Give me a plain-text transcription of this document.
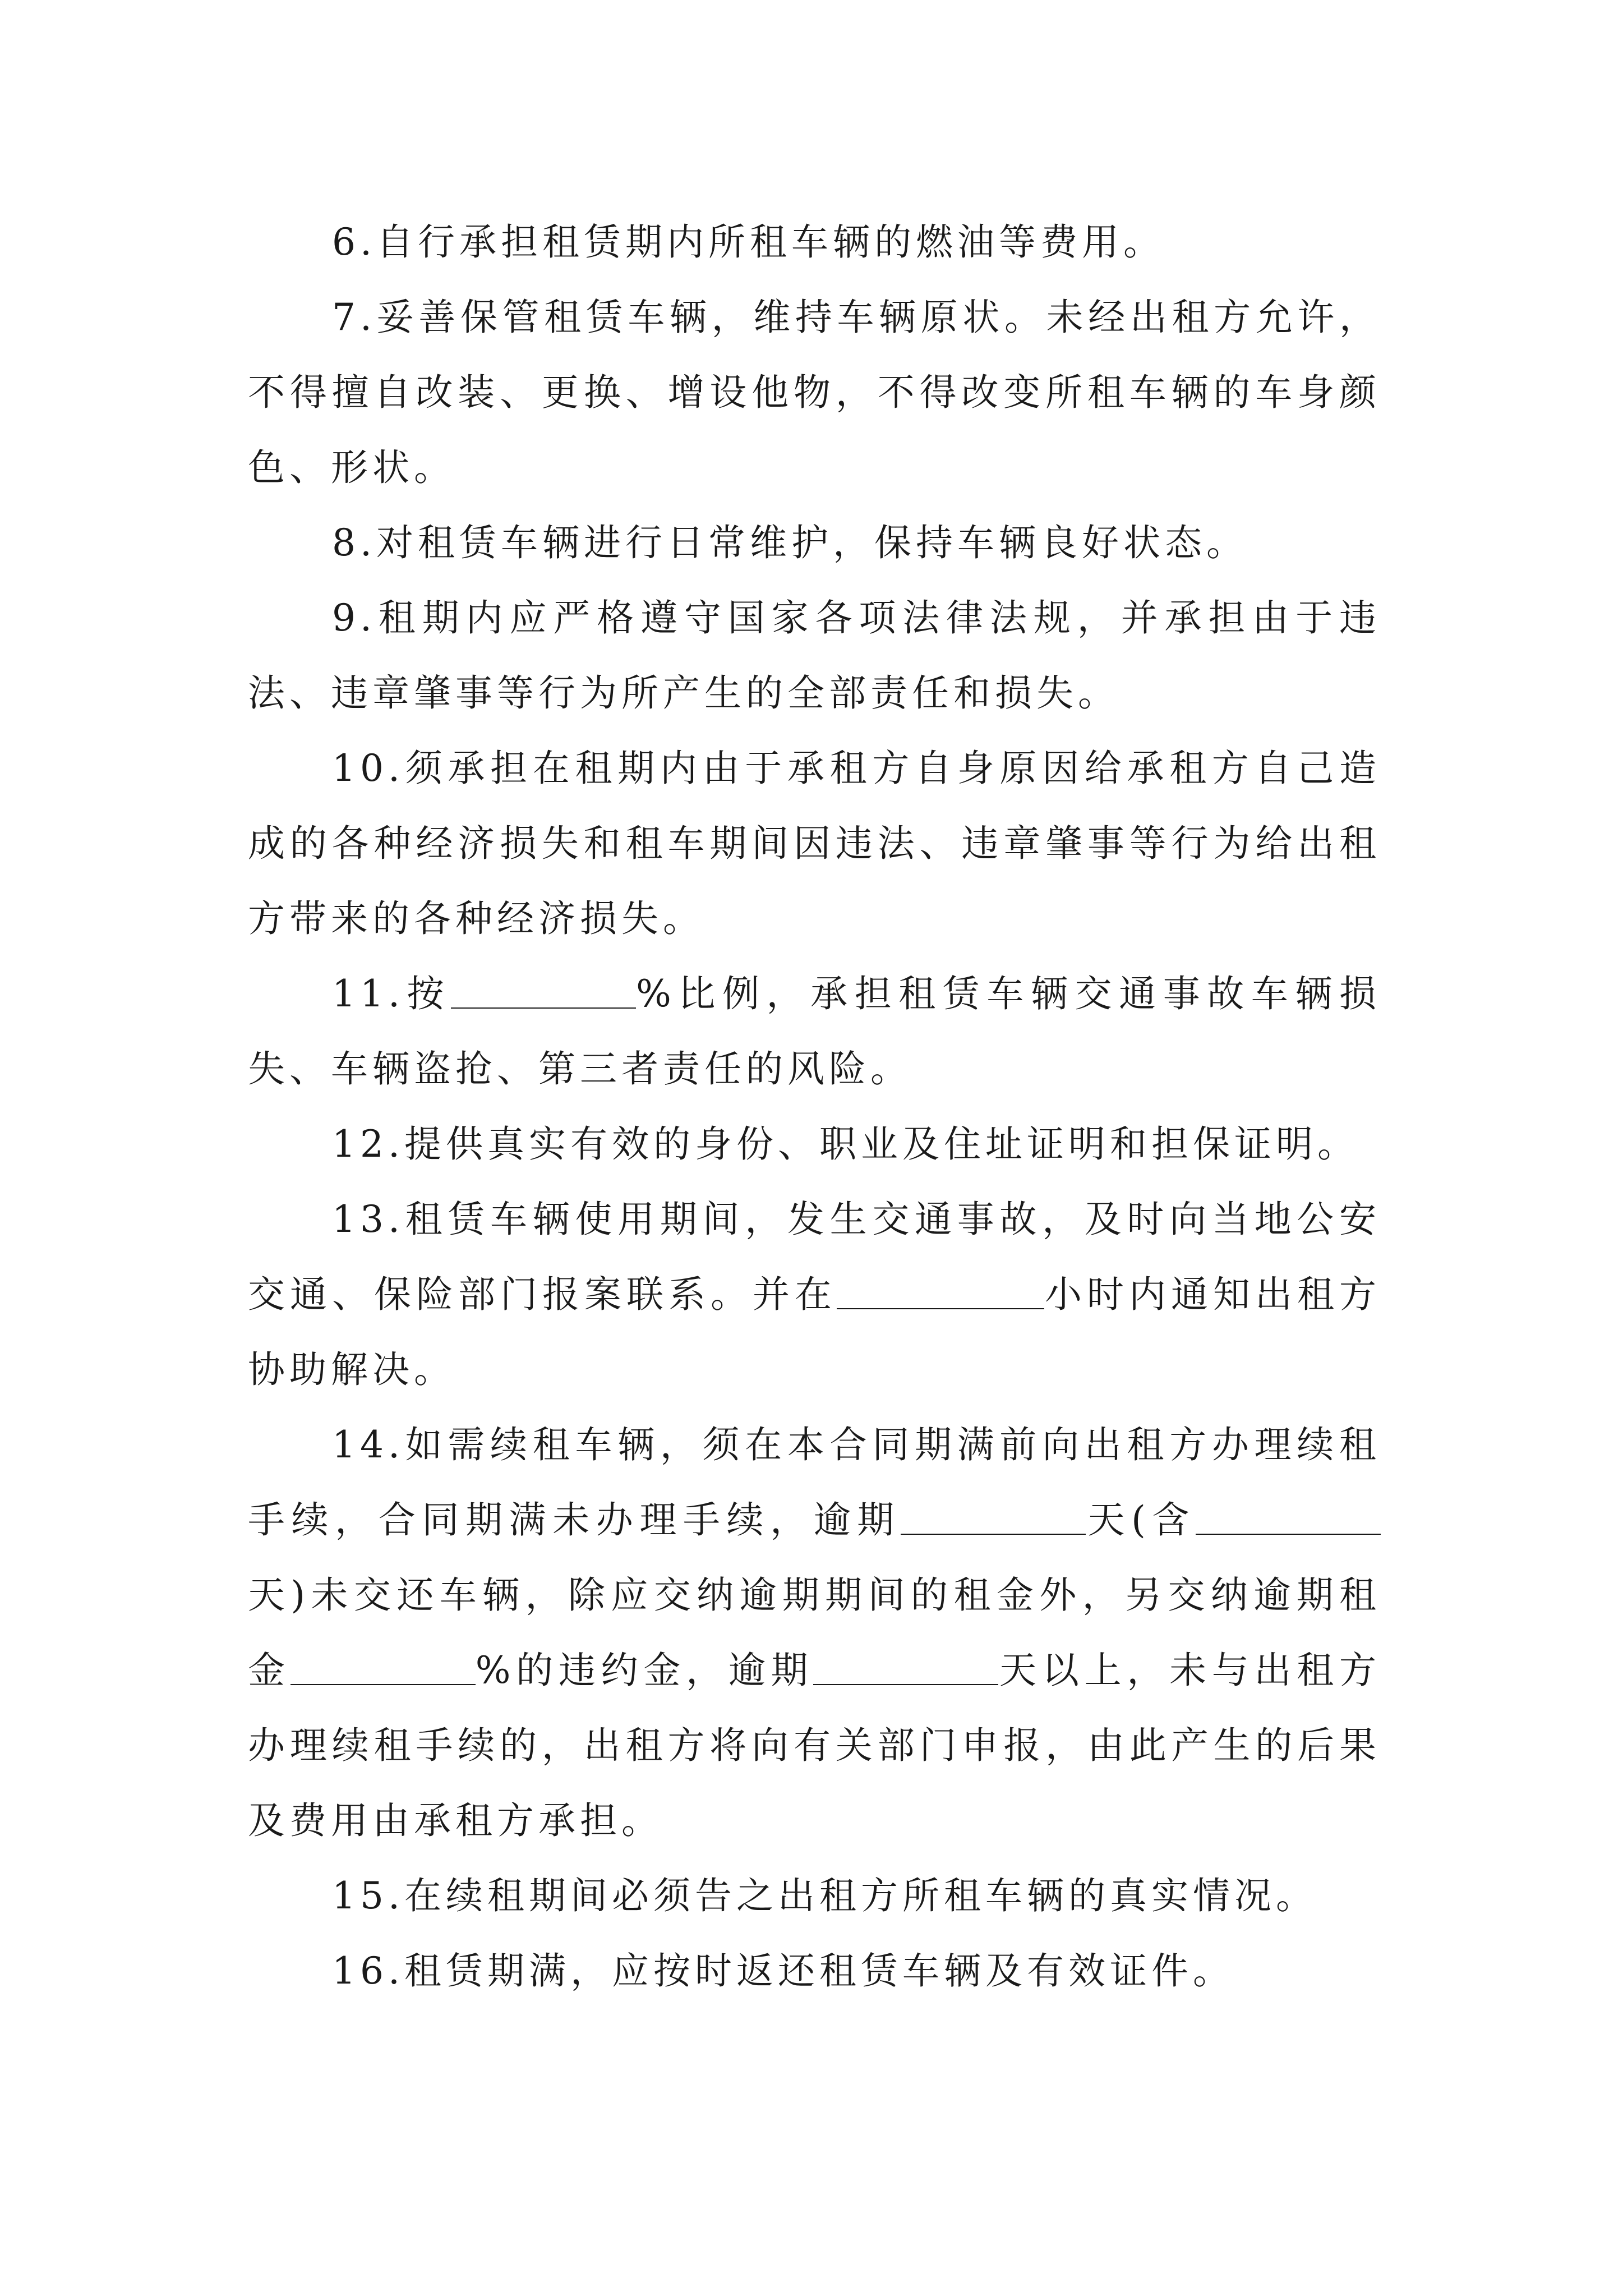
6.自行承担租赁期内所租车辆的燃油等费用。

7.妥善保管租赁车辆，维持车辆原状。未经出租方允许，不得擅自改装、更换、增设他物，不得改变所租车辆的车身颜色、形状。

8.对租赁车辆进行日常维护，保持车辆良好状态。

9.租期内应严格遵守国家各项法律法规，并承担由于违法、违章肇事等行为所产生的全部责任和损失。

10.须承担在租期内由于承租方自身原因给承租方自己造成的各种经济损失和租车期间因违法、违章肇事等行为给出租方带来的各种经济损失。

11.按	%比例，承担租赁车辆交通事故车辆损失、车辆盗抢、第三者责任的风险。

12.提供真实有效的身份、职业及住址证明和担保证明。

13.租赁车辆使用期间，发生交通事故，及时向当地公安交通、保险部门报案联系。并在	小时内通知出租方协助解决。

14.如需续租车辆，须在本合同期满前向出租方办理续租手续，合同期满未办理手续，逾期	天(含天)未交还车辆，除应交纳逾期期间的租金外，另交纳逾期租金	%的违约金，逾期	天以上，未与出租方办理续租手续的，出租方将向有关部门申报，由此产生的后果及费用由承租方承担。

15.在续租期间必须告之出租方所租车辆的真实情况。

16.租赁期满，应按时返还租赁车辆及有效证件。
